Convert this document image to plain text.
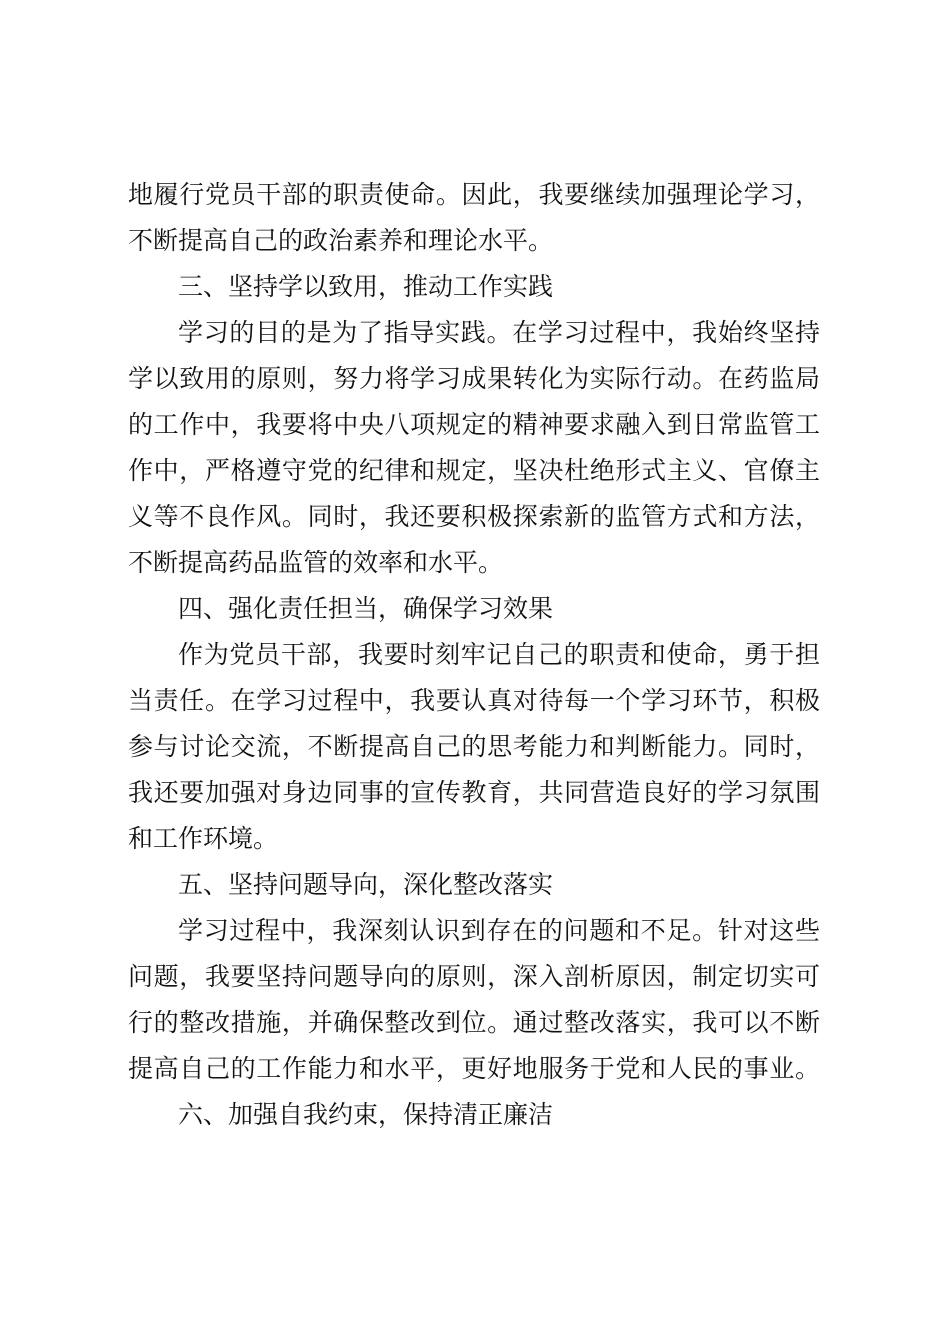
地履行党员干部的职责使命。因此，我要继续加强理论学习，
不断提高自己的政治素养和理论水平。
三、坚持学以致用，推动工作实践
学习的目的是为了指导实践。在学习过程中，我始终坚持
学以致用的原则，努力将学习成果转化为实际行动。在药监局
的工作中，我要将中央八项规定的精神要求融入到日常监管工
作中，严格遵守党的纪律和规定，坚决杜绝形式主义、官僚主
义等不良作风。同时，我还要积极探索新的监管方式和方法，
不断提高药品监管的效率和水平。
四、强化责任担当，确保学习效果
作为党员干部，我要时刻牢记自己的职责和使命，勇于担
当责任。在学习过程中，我要认真对待每一个学习环节，积极
参与讨论交流，不断提高自己的思考能力和判断能力。同时，
我还要加强对身边同事的宣传教育，共同营造良好的学习氛围
和工作环境。
五、坚持问题导向，深化整改落实
学习过程中，我深刻认识到存在的问题和不足。针对这些
问题，我要坚持问题导向的原则，深入剖析原因，制定切实可
行的整改措施，并确保整改到位。通过整改落实，我可以不断
提高自己的工作能力和水平，更好地服务于党和人民的事业。
六、加强自我约束，保持清正廉洁
